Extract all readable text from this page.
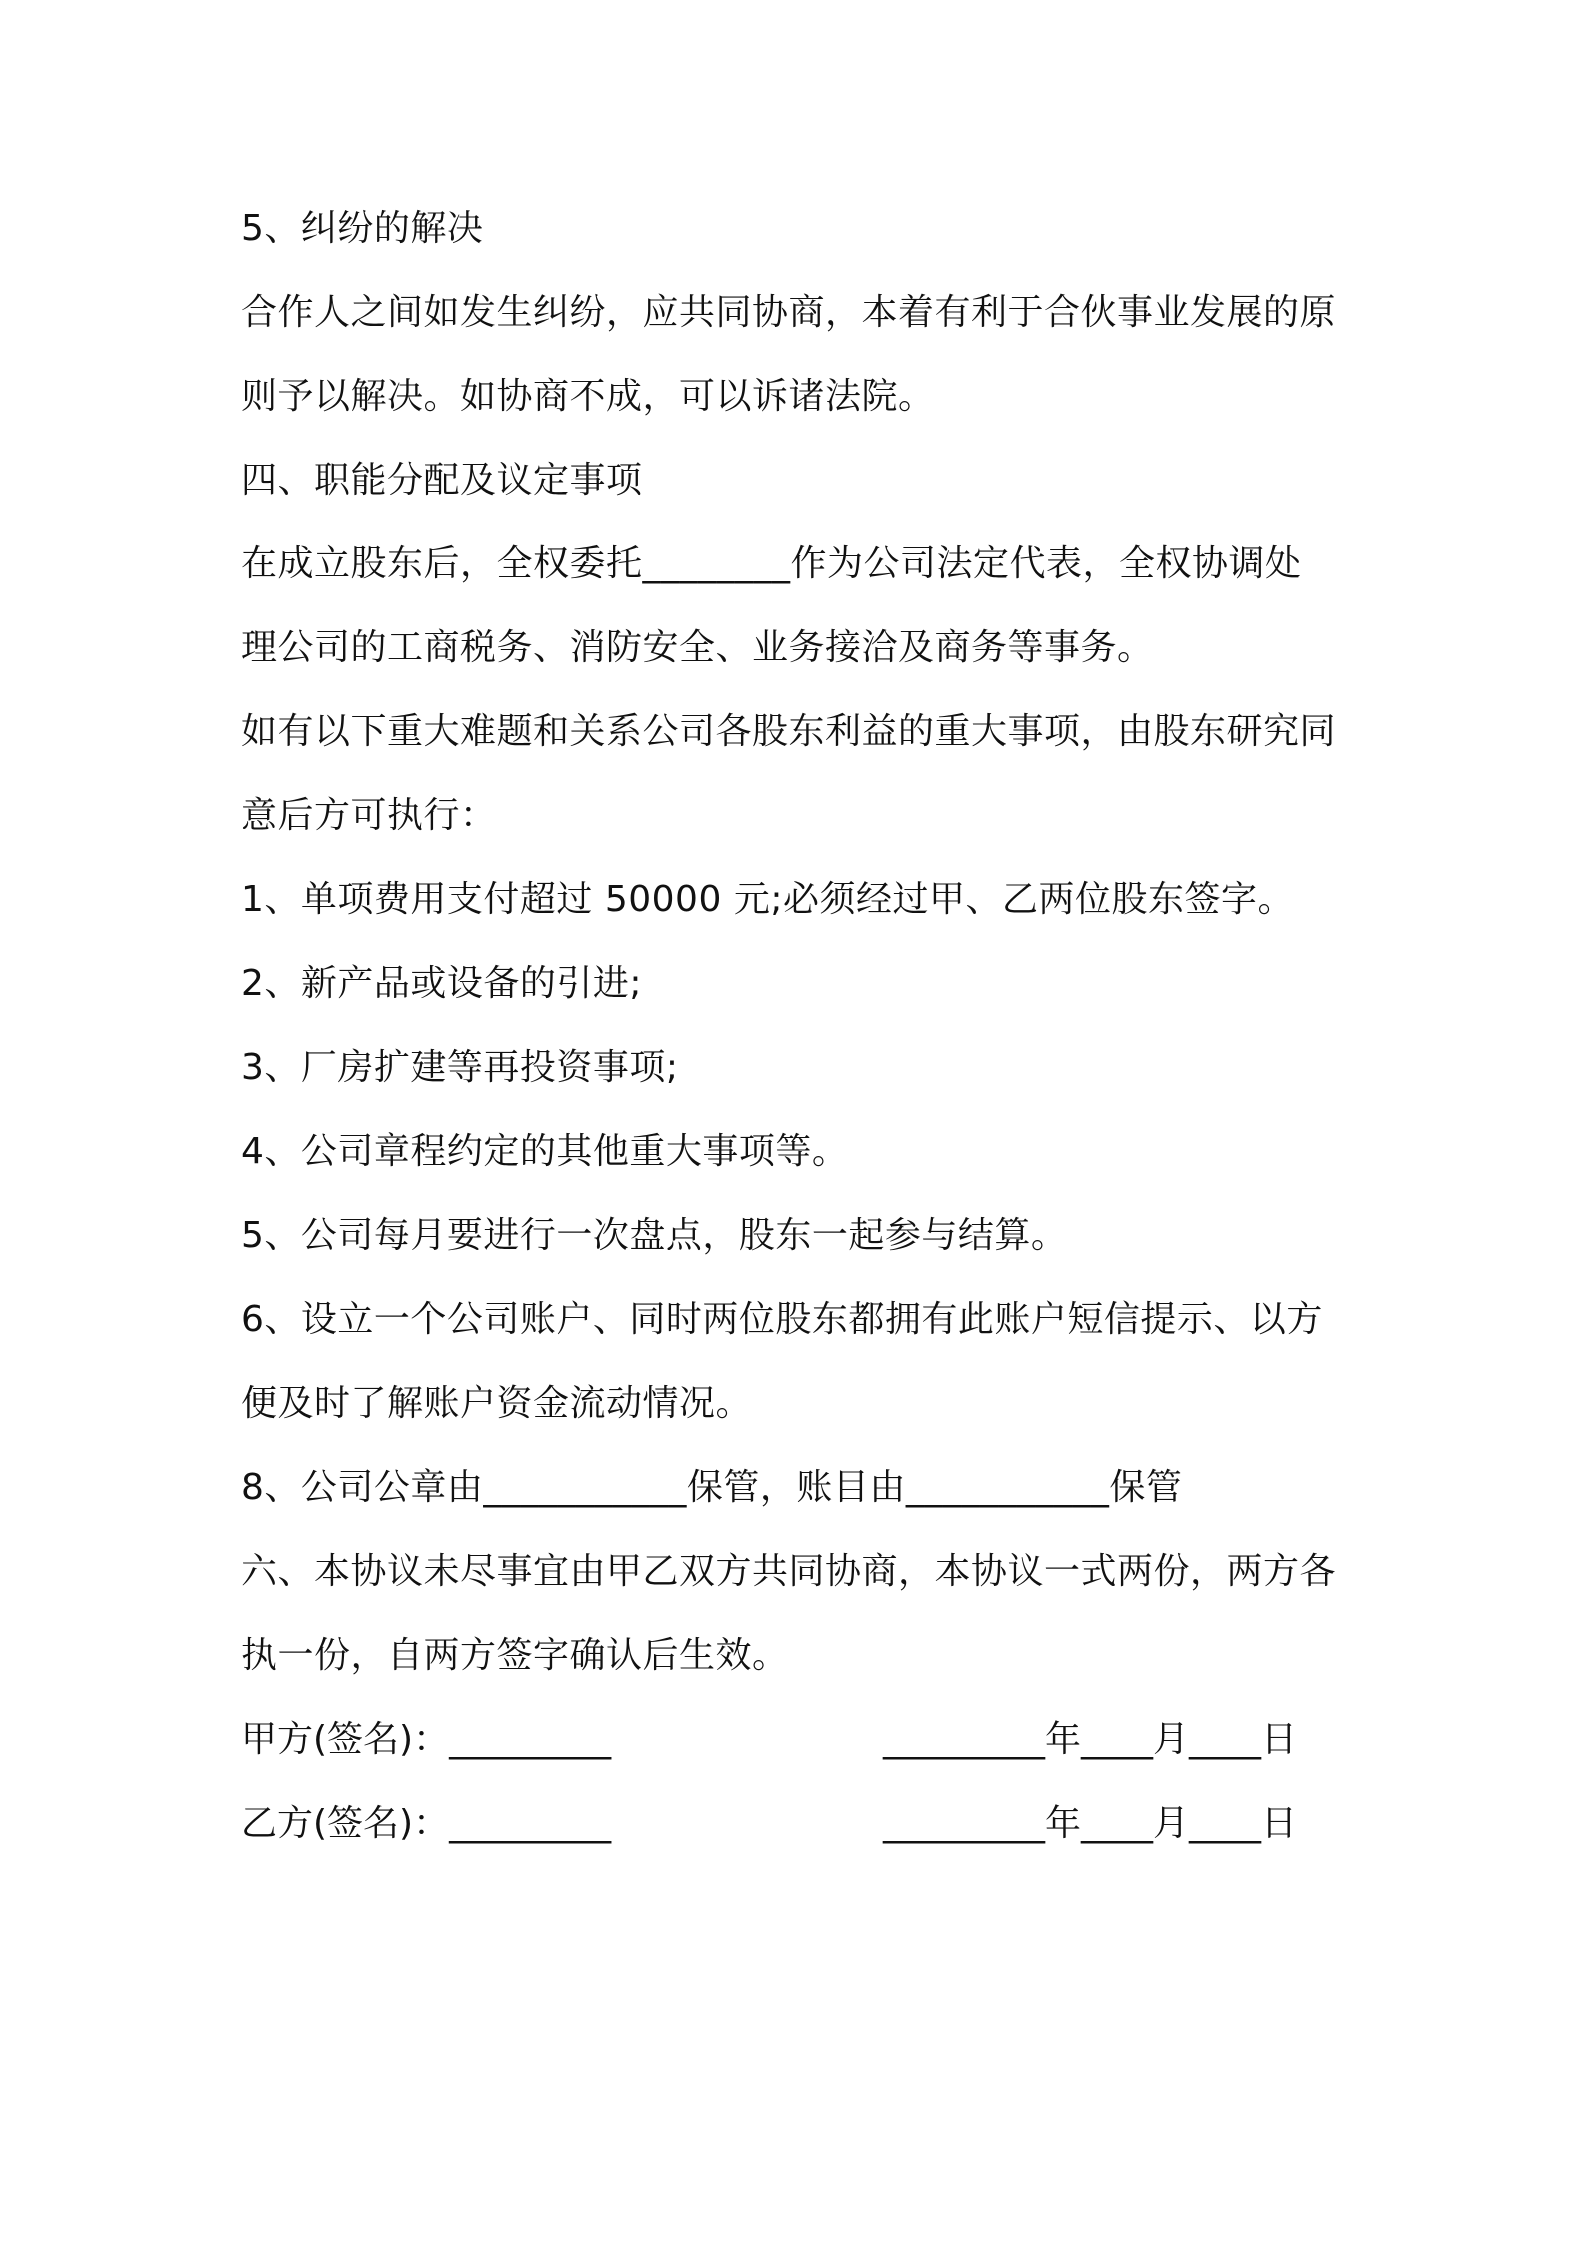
5、纠纷的解决
合作人之间如发生纠纷，应共同协商，本着有利于合伙事业发展的原
则予以解决。如协商不成，可以诉诸法院。
四、职能分配及议定事项
在成立股东后，全权委托________作为公司法定代表，全权协调处
理公司的工商税务、消防安全、业务接洽及商务等事务。
如有以下重大难题和关系公司各股东利益的重大事项，由股东研究同
意后方可执行：
1、单项费用支付超过 50000 元;必须经过甲、乙两位股东签字。
2、新产品或设备的引进;
3、厂房扩建等再投资事项;
4、公司章程约定的其他重大事项等。
5、公司每月要进行一次盘点，股东一起参与结算。
6、设立一个公司账户、同时两位股东都拥有此账户短信提示、以方
便及时了解账户资金流动情况。
8、公司公章由___________保管，账目由___________保管
六、本协议未尽事宜由甲乙双方共同协商，本协议一式两份，两方各
执一份，自两方签字确认后生效。
甲方(签名)：_________	_________年____月____日
乙方(签名)：_________	_________年____月____日
